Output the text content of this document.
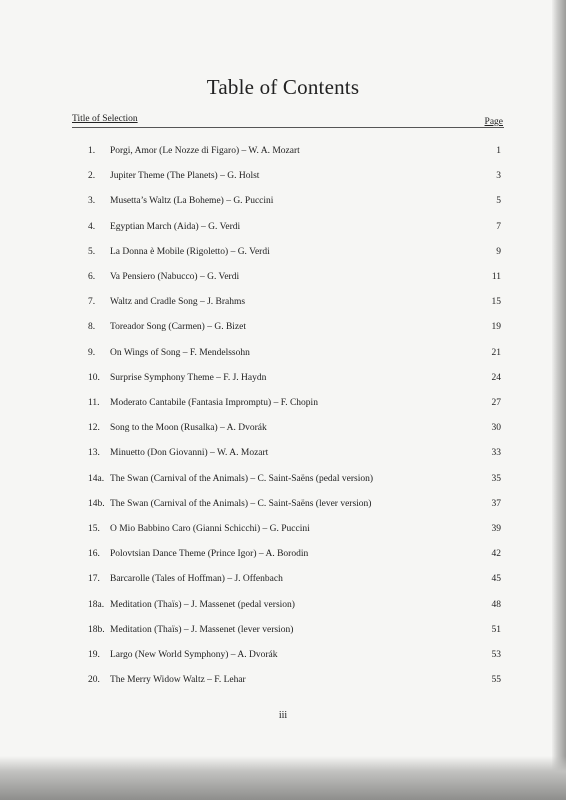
Table of Contents
Title of Selection	Page
1. Porgi, Amor (Le Nozze di Figaro) – W. A. Mozart	1
2. Jupiter Theme (The Planets) – G. Holst	3
3. Musetta’s Waltz (La Boheme) – G. Puccini	5
4. Egyptian March (Aida) – G. Verdi	7
5. La Donna è Mobile (Rigoletto) – G. Verdi	9
6. Va Pensiero (Nabucco) – G. Verdi	11
7. Waltz and Cradle Song – J. Brahms	15
8. Toreador Song (Carmen) – G. Bizet	19
9. On Wings of Song – F. Mendelssohn	21
10. Surprise Symphony Theme – F. J. Haydn	24
11. Moderato Cantabile (Fantasia Impromptu) – F. Chopin	27
12. Song to the Moon (Rusalka) – A. Dvorák	30
13. Minuetto (Don Giovanni) – W. A. Mozart	33
14a. The Swan (Carnival of the Animals) – C. Saint-Saëns (pedal version)	35
14b. The Swan (Carnival of the Animals) – C. Saint-Saëns (lever version)	37
15. O Mio Babbino Caro (Gianni Schicchi) – G. Puccini	39
16. Polovtsian Dance Theme (Prince Igor) – A. Borodin	42
17. Barcarolle (Tales of Hoffman) – J. Offenbach	45
18a. Meditation (Thaïs) – J. Massenet (pedal version)	48
18b. Meditation (Thaïs) – J. Massenet (lever version)	51
19. Largo (New World Symphony) – A. Dvorák	53
20. The Merry Widow Waltz – F. Lehar	55
iii
